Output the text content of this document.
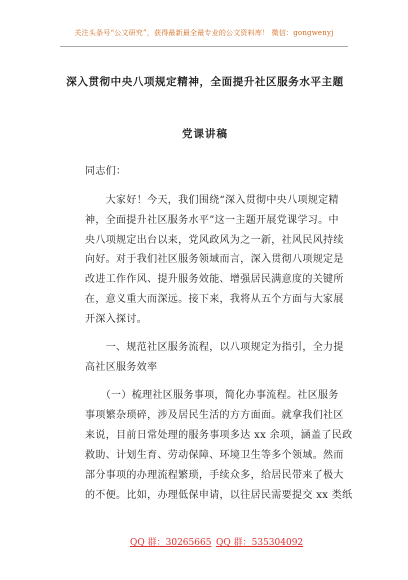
关注头条号“公文研究”，获得最新最全最专业的公文资料库！ 微信：gongwenyj
深入贯彻中央八项规定精神，全面提升社区服务水平主题
党课讲稿
同志们：
　　大家好！今天，我们围绕“深入贯彻中央八项规定精
神，全面提升社区服务水平”这一主题开展党课学习。中
央八项规定出台以来，党风政风为之一新，社风民风持续
向好。对于我们社区服务领域而言，深入贯彻八项规定是
改进工作作风、提升服务效能、增强居民满意度的关键所
在，意义重大而深远。接下来，我将从五个方面与大家展
开深入探讨。
　　一、规范社区服务流程，以八项规定为指引，全力提
高社区服务效率
　　（一）梳理社区服务事项，简化办事流程。社区服务
事项繁杂琐碎，涉及居民生活的方方面面。就拿我们社区
来说，目前日常处理的服务事项多达 xx 余项，涵盖了民政
救助、计划生育、劳动保障、环境卫生等多个领域。然而
部分事项的办理流程繁琐，手续众多，给居民带来了极大
的不便。比如，办理低保申请，以往居民需要提交 xx 类纸
QQ 群：30265665 QQ 群：535304092
